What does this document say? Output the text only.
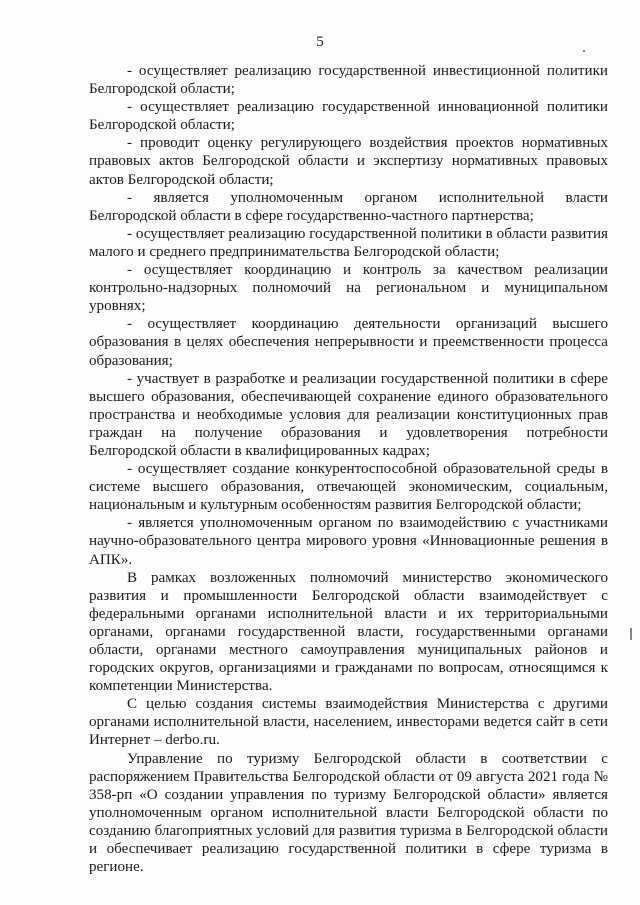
5

- осуществляет реализацию государственной инвестиционной политики Белгородской области;

- осуществляет реализацию государственной инновационной политики Белгородской области;

- проводит оценку регулирующего воздействия проектов нормативных правовых актов Белгородской области и экспертизу нормативных правовых актов Белгородской области;

- является уполномоченным органом исполнительной власти Белгородской области в сфере государственно-частного партнерства;

- осуществляет реализацию государственной политики в области развития малого и среднего предпринимательства Белгородской области;

- осуществляет координацию и контроль за качеством реализации контрольно-надзорных полномочий на региональном и муниципальном уровнях;

- осуществляет координацию деятельности организаций высшего образования в целях обеспечения непрерывности и преемственности процесса образования;

- участвует в разработке и реализации государственной политики в сфере высшего образования, обеспечивающей сохранение единого образовательного пространства и необходимые условия для реализации конституционных прав граждан на получение образования и удовлетворения потребности Белгородской области в квалифицированных кадрах;

- осуществляет создание конкурентоспособной образовательной среды в системе высшего образования, отвечающей экономическим, социальным, национальным и культурным особенностям развития Белгородской области;

- является уполномоченным органом по взаимодействию с участниками научно-образовательного центра мирового уровня «Инновационные решения в АПК».

В рамках возложенных полномочий министерство экономического развития и промышленности Белгородской области взаимодействует с федеральными органами исполнительной власти и их территориальными органами, органами государственной власти, государственными органами области, органами местного самоуправления муниципальных районов и городских округов, организациями и гражданами по вопросам, относящимся к компетенции Министерства.

С целью создания системы взаимодействия Министерства с другими органами исполнительной власти, населением, инвесторами ведется сайт в сети Интернет – derbo.ru.

Управление по туризму Белгородской области в соответствии с распоряжением Правительства Белгородской области от 09 августа 2021 года № 358-рп «О создании управления по туризму Белгородской области» является уполномоченным органом исполнительной власти Белгородской области по созданию благоприятных условий для развития туризма в Белгородской области и обеспечивает реализацию государственной политики в сфере туризма в регионе.
